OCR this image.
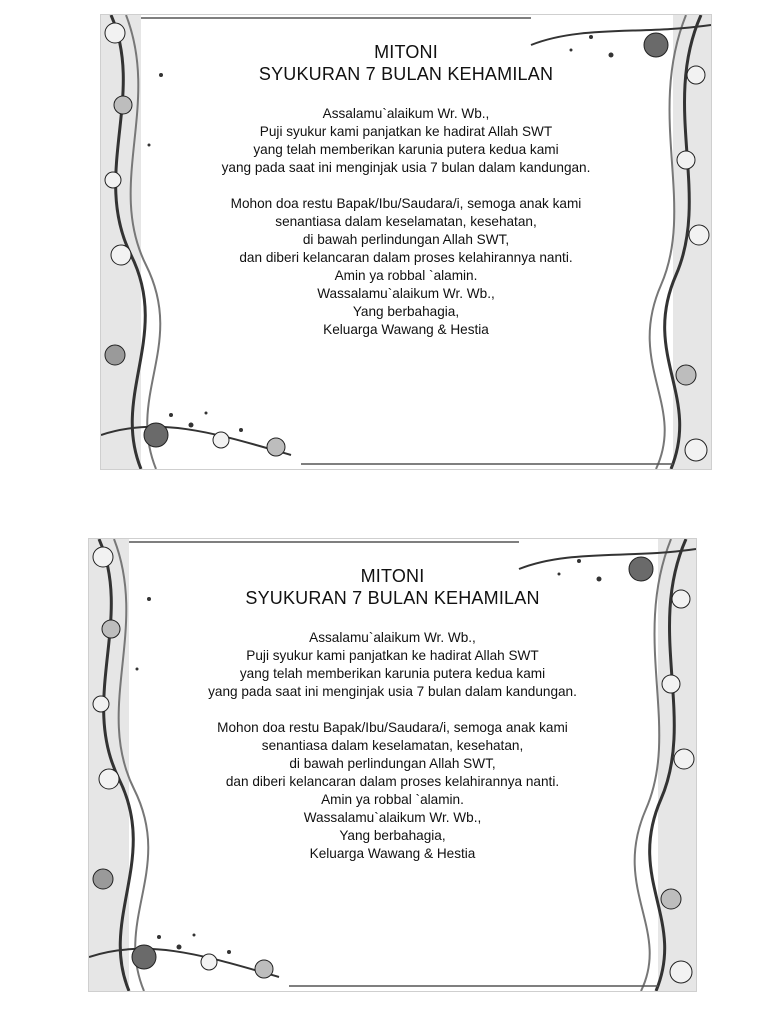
MITONI
SYUKURAN 7 BULAN KEHAMILAN
Assalamu`alaikum Wr. Wb.,
Puji syukur kami panjatkan ke hadirat Allah SWT
yang telah memberikan karunia putera kedua kami
yang pada saat ini menginjak usia 7 bulan dalam kandungan.
Mohon doa restu Bapak/Ibu/Saudara/i, semoga anak kami
senantiasa dalam keselamatan, kesehatan,
di bawah perlindungan Allah SWT,
dan diberi kelancaran dalam proses kelahirannya nanti.
Amin ya robbal `alamin.
Wassalamu`alaikum Wr. Wb.,
Yang berbahagia,
Keluarga Wawang & Hestia
MITONI
SYUKURAN 7 BULAN KEHAMILAN
Assalamu`alaikum Wr. Wb.,
Puji syukur kami panjatkan ke hadirat Allah SWT
yang telah memberikan karunia putera kedua kami
yang pada saat ini menginjak usia 7 bulan dalam kandungan.
Mohon doa restu Bapak/Ibu/Saudara/i, semoga anak kami
senantiasa dalam keselamatan, kesehatan,
di bawah perlindungan Allah SWT,
dan diberi kelancaran dalam proses kelahirannya nanti.
Amin ya robbal `alamin.
Wassalamu`alaikum Wr. Wb.,
Yang berbahagia,
Keluarga Wawang & Hestia
